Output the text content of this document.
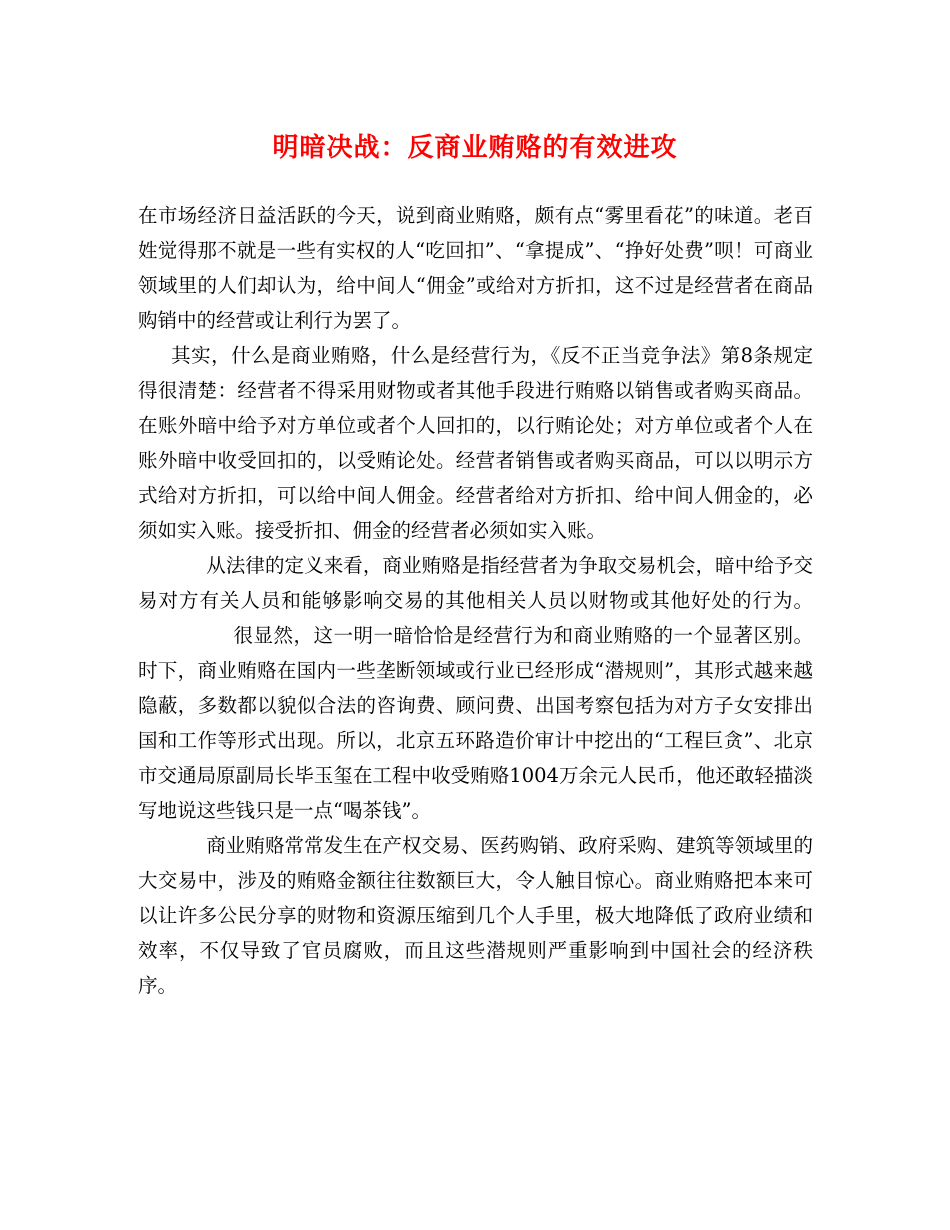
明暗决战：反商业贿赂的有效进攻

在市场经济日益活跃的今天，说到商业贿赂，颇有点“雾里看花”的味道。老百姓觉得那不就是一些有实权的人“吃回扣”、“拿提成”、“挣好处费”呗！可商业领域里的人们却认为，给中间人“佣金”或给对方折扣，这不过是经营者在商品购销中的经营或让利行为罢了。

其实，什么是商业贿赂，什么是经营行为，《反不正当竞争法》第8条规定得很清楚：经营者不得采用财物或者其他手段进行贿赂以销售或者购买商品。在账外暗中给予对方单位或者个人回扣的，以行贿论处；对方单位或者个人在账外暗中收受回扣的，以受贿论处。经营者销售或者购买商品，可以以明示方式给对方折扣，可以给中间人佣金。经营者给对方折扣、给中间人佣金的，必须如实入账。接受折扣、佣金的经营者必须如实入账。

从法律的定义来看，商业贿赂是指经营者为争取交易机会，暗中给予交易对方有关人员和能够影响交易的其他相关人员以财物或其他好处的行为。很显然，这一明一暗恰恰是经营行为和商业贿赂的一个显著区别。时下，商业贿赂在国内一些垄断领域或行业已经形成“潜规则”，其形式越来越隐蔽，多数都以貌似合法的咨询费、顾问费、出国考察包括为对方子女安排出国和工作等形式出现。所以，北京五环路造价审计中挖出的“工程巨贪”、北京市交通局原副局长毕玉玺在工程中收受贿赂1004万余元人民币，他还敢轻描淡写地说这些钱只是一点“喝茶钱”。

商业贿赂常常发生在产权交易、医药购销、政府采购、建筑等领域里的大交易中，涉及的贿赂金额往往数额巨大，令人触目惊心。商业贿赂把本来可以让许多公民分享的财物和资源压缩到几个人手里，极大地降低了政府业绩和效率，不仅导致了官员腐败，而且这些潜规则严重影响到中国社会的经济秩序。
